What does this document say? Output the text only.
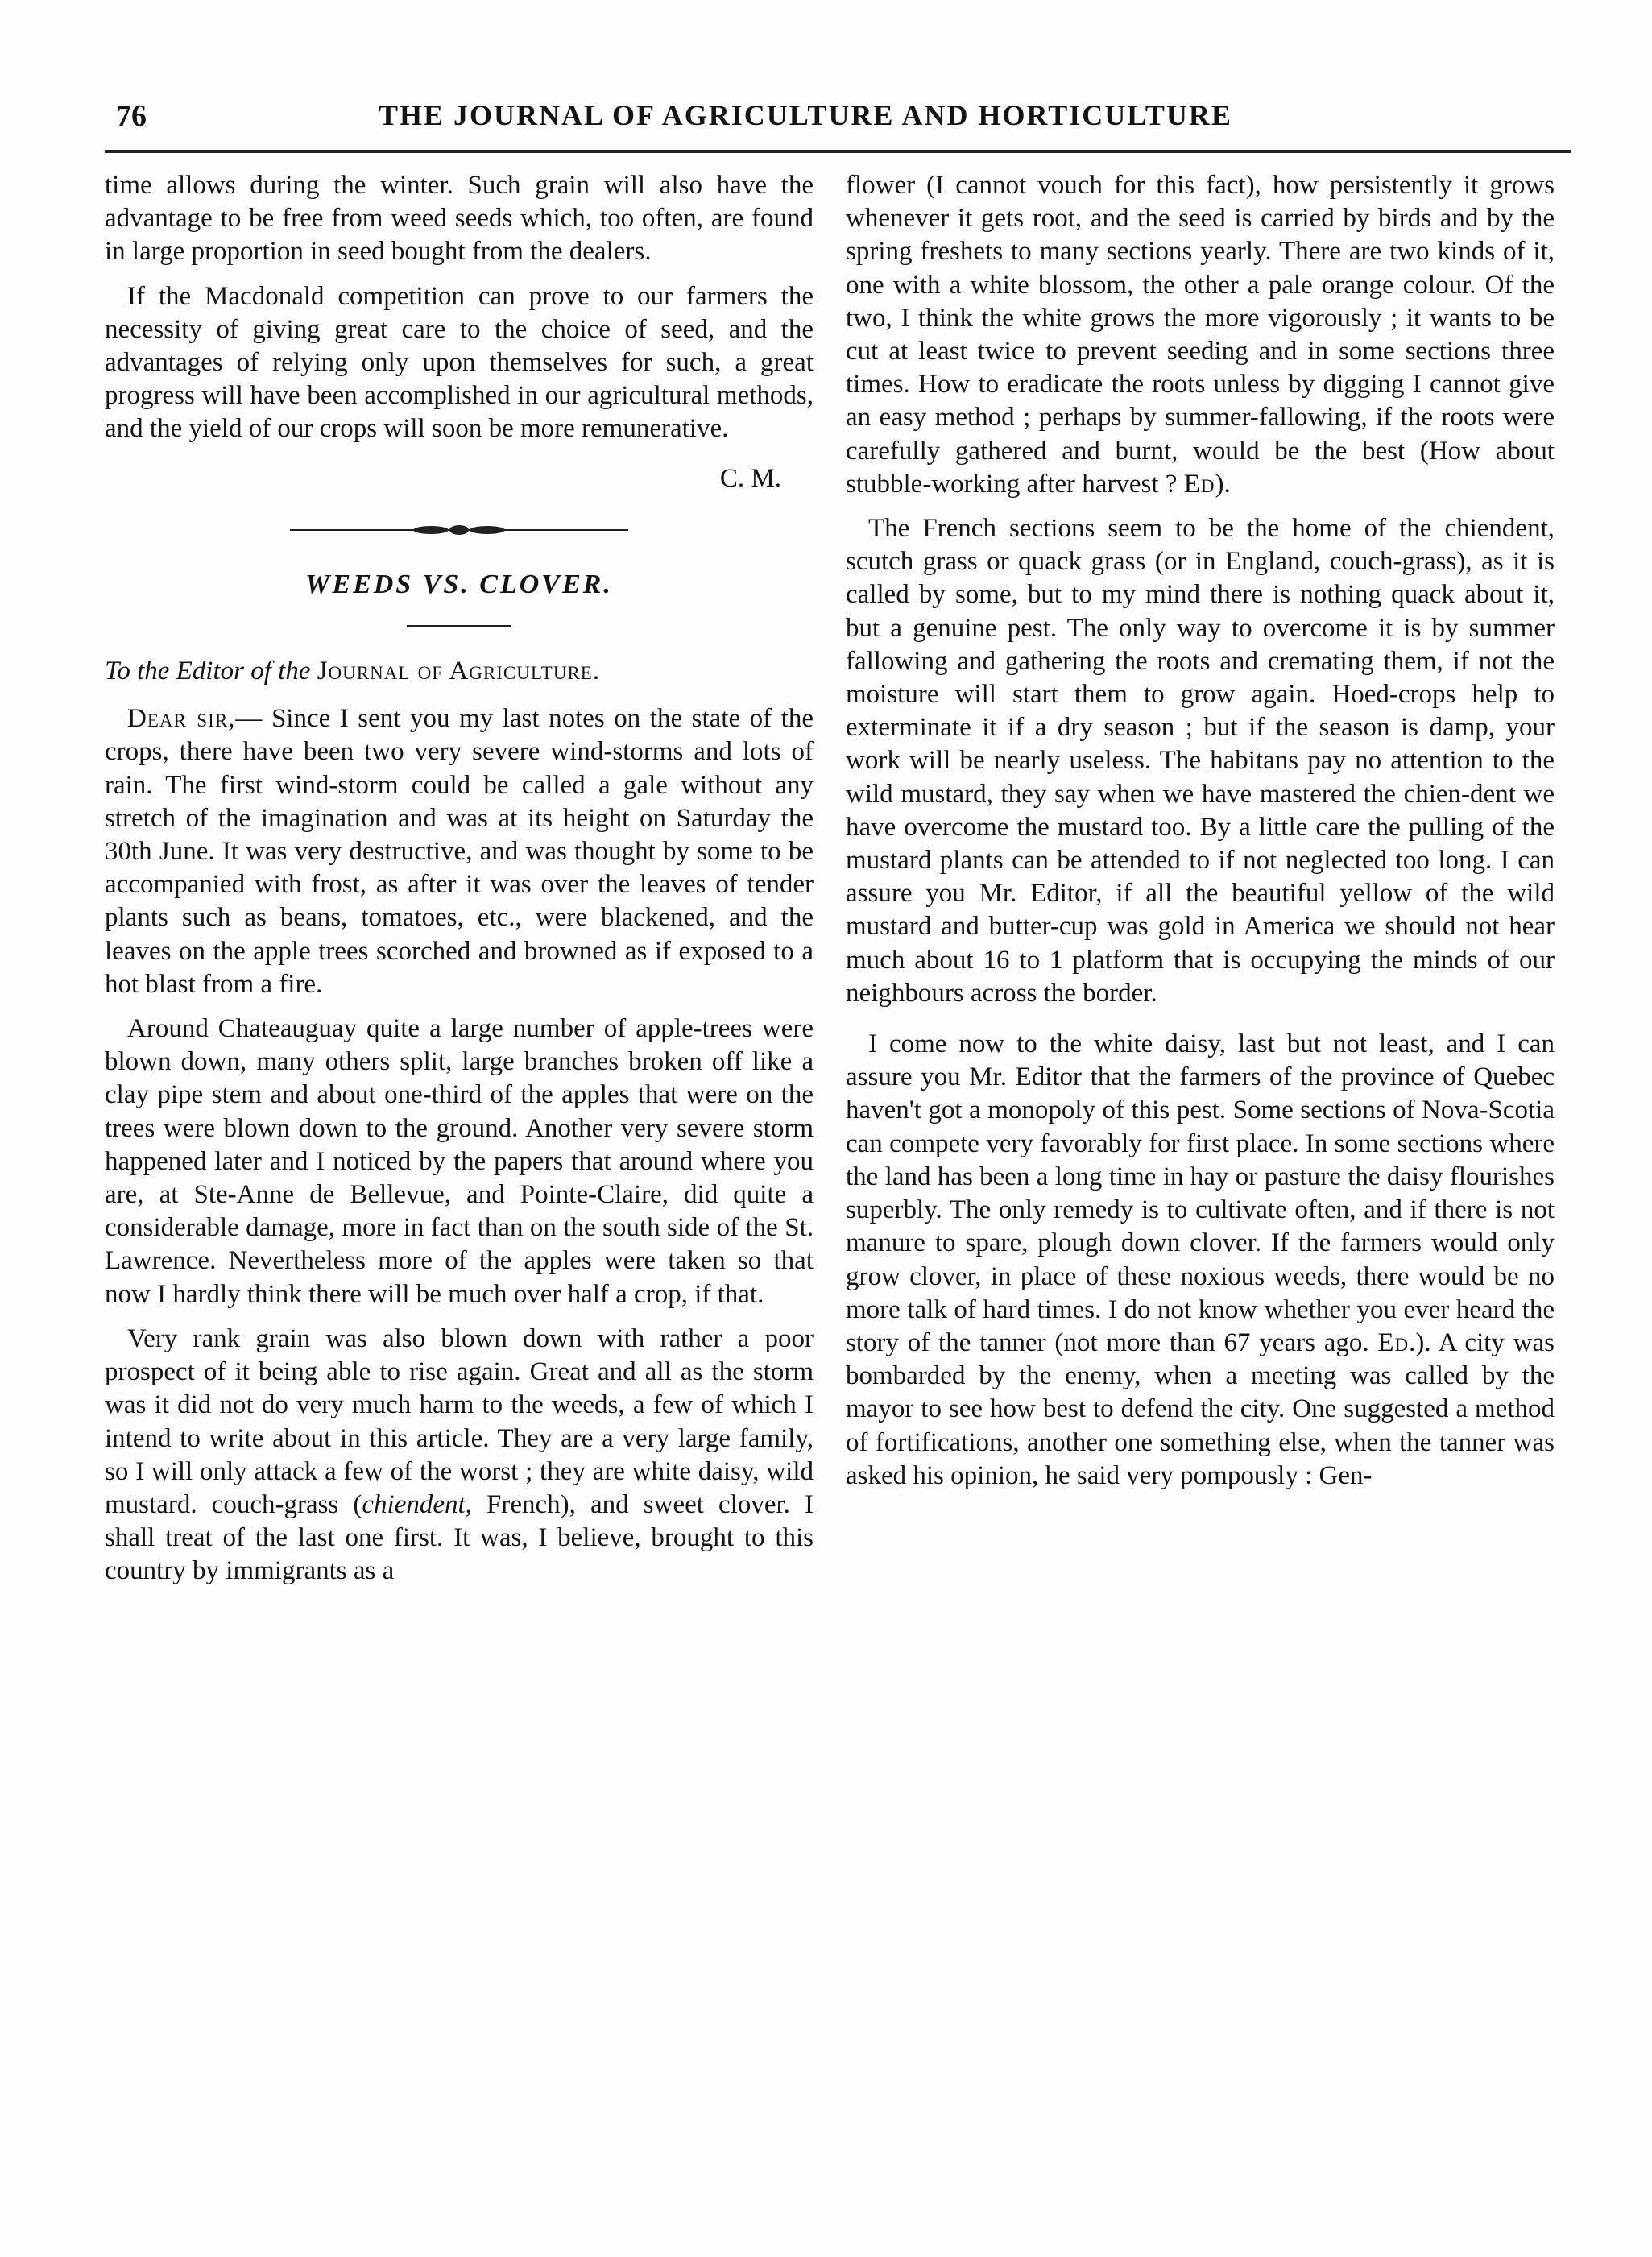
76	THE JOURNAL OF AGRICULTURE AND HORTICULTURE

time allows during the winter. Such grain will also have the advantage to be free from weed seeds which, too often, are found in large proportion in seed bought from the dealers.

If the Macdonald competition can prove to our farmers the necessity of giving great care to the choice of seed, and the advantages of relying only upon themselves for such, a great progress will have been accomplished in our agricultural methods, and the yield of our crops will soon be more remunerative.

C. M.

WEEDS VS. CLOVER.

To the Editor of the Journal of Agriculture.

Dear sir,— Since I sent you my last notes on the state of the crops, there have been two very severe wind-storms and lots of rain. The first wind-storm could be called a gale without any stretch of the imagination and was at its height on Saturday the 30th June. It was very destructive, and was thought by some to be accompanied with frost, as after it was over the leaves of tender plants such as beans, tomatoes, etc., were blackened, and the leaves on the apple trees scorched and browned as if exposed to a hot blast from a fire.

Around Chateauguay quite a large number of apple-trees were blown down, many others split, large branches broken off like a clay pipe stem and about one-third of the apples that were on the trees were blown down to the ground. Another very severe storm happened later and I noticed by the papers that around where you are, at Ste-Anne de Bellevue, and Pointe-Claire, did quite a considerable damage, more in fact than on the south side of the St. Lawrence. Nevertheless more of the apples were taken so that now I hardly think there will be much over half a crop, if that.

Very rank grain was also blown down with rather a poor prospect of it being able to rise again. Great and all as the storm was it did not do very much harm to the weeds, a few of which I intend to write about in this article. They are a very large family, so I will only attack a few of the worst ; they are white daisy, wild mustard. couch-grass (chiendent, French), and sweet clover. I shall treat of the last one first. It was, I believe, brought to this country by immigrants as a

flower (I cannot vouch for this fact), how persistently it grows whenever it gets root, and the seed is carried by birds and by the spring freshets to many sections yearly. There are two kinds of it, one with a white blossom, the other a pale orange colour. Of the two, I think the white grows the more vigorously ; it wants to be cut at least twice to prevent seeding and in some sections three times. How to eradicate the roots unless by digging I cannot give an easy method ; perhaps by summer-fallowing, if the roots were carefully gathered and burnt, would be the best (How about stubble-working after harvest ? Ed).

The French sections seem to be the home of the chiendent, scutch grass or quack grass (or in England, couch-grass), as it is called by some, but to my mind there is nothing quack about it, but a genuine pest. The only way to overcome it is by summer fallowing and gathering the roots and cremating them, if not the moisture will start them to grow again. Hoed-crops help to exterminate it if a dry season ; but if the season is damp, your work will be nearly useless. The habitans pay no attention to the wild mustard, they say when we have mastered the chien-dent we have overcome the mustard too. By a little care the pulling of the mustard plants can be attended to if not neglected too long. I can assure you Mr. Editor, if all the beautiful yellow of the wild mustard and butter-cup was gold in America we should not hear much about 16 to 1 platform that is occupying the minds of our neighbours across the border.

I come now to the white daisy, last but not least, and I can assure you Mr. Editor that the farmers of the province of Quebec haven't got a monopoly of this pest. Some sections of Nova-Scotia can compete very favorably for first place. In some sections where the land has been a long time in hay or pasture the daisy flourishes superbly. The only remedy is to cultivate often, and if there is not manure to spare, plough down clover. If the farmers would only grow clover, in place of these noxious weeds, there would be no more talk of hard times. I do not know whether you ever heard the story of the tanner (not more than 67 years ago. Ed.). A city was bombarded by the enemy, when a meeting was called by the mayor to see how best to defend the city. One suggested a method of fortifications, another one something else, when the tanner was asked his opinion, he said very pompously : Gen-
